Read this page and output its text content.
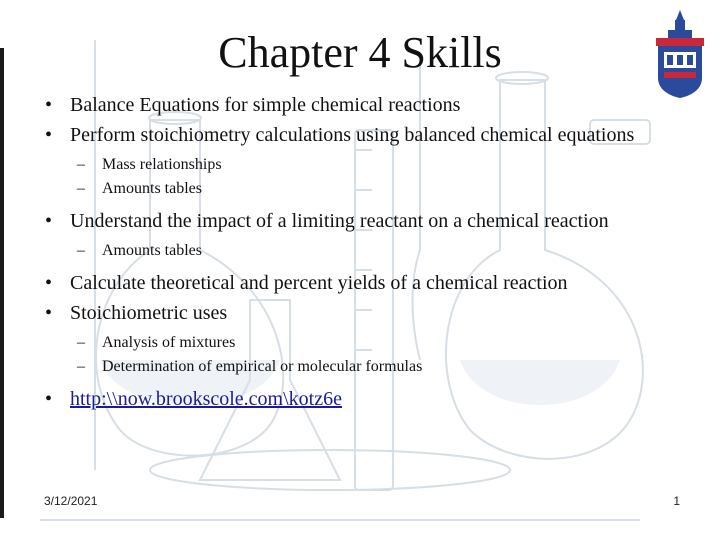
Chapter 4 Skills
• Balance Equations for simple chemical reactions
• Perform stoichiometry calculations using balanced chemical equations
– Mass relationships
– Amounts tables
• Understand the impact of a limiting reactant on a chemical reaction
– Amounts tables
• Calculate theoretical and percent yields of a chemical reaction
• Stoichiometric uses
– Analysis of mixtures
– Determination of empirical or molecular formulas
• http:\\now.brookscole.com\kotz6e
3/12/2021	1
